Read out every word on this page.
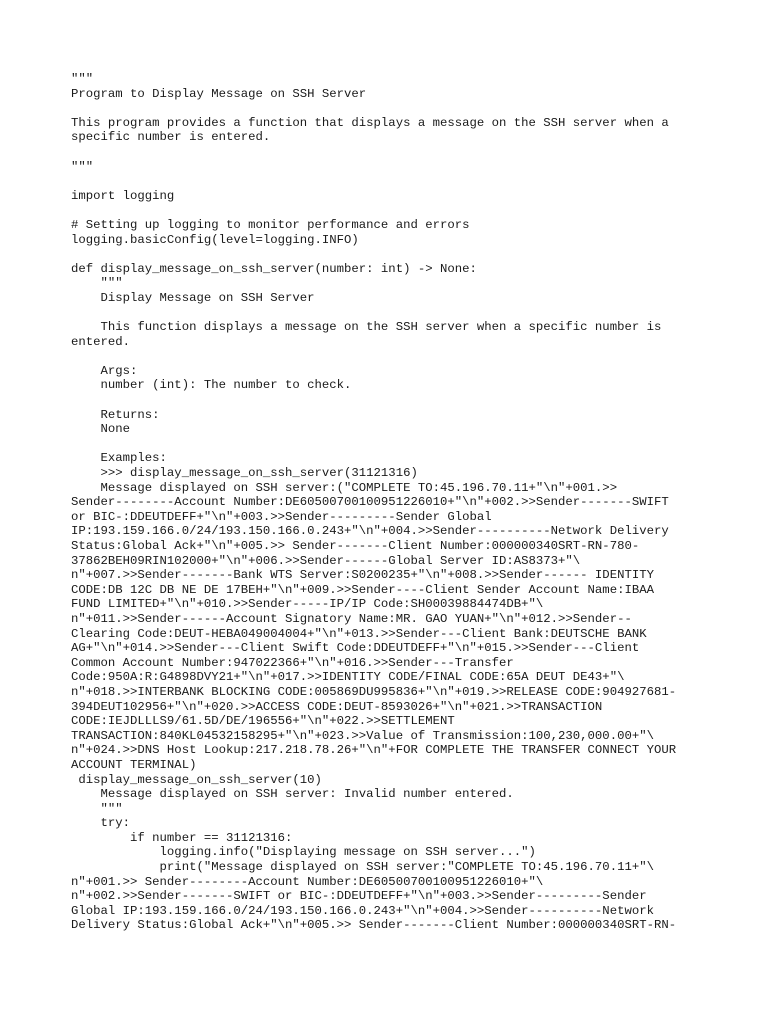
"""
Program to Display Message on SSH Server
This program provides a function that displays a message on the SSH server when a
specific number is entered.
"""
import logging
# Setting up logging to monitor performance and errors
logging.basicConfig(level=logging.INFO)
def display_message_on_ssh_server(number: int) -> None:
"""
Display Message on SSH Server
This function displays a message on the SSH server when a specific number is
entered.
Args:
number (int): The number to check.
Returns:
None
Examples:
>>> display_message_on_ssh_server(31121316)
Message displayed on SSH server:("COMPLETE TO:45.196.70.11+"\n"+001.>>
Sender--------Account Number:DE60500700100951226010+"\n"+002.>>Sender-------SWIFT
or BIC-:DDEUTDEFF+"\n"+003.>>Sender---------Sender Global
IP:193.159.166.0/24/193.150.166.0.243+"\n"+004.>>Sender----------Network Delivery
Status:Global Ack+"\n"+005.>> Sender-------Client Number:000000340SRT-RN-780-
37862BEH09RIN102000+"\n"+006.>>Sender------Global Server ID:AS8373+"\
n"+007.>>Sender-------Bank WTS Server:S0200235+"\n"+008.>>Sender------ IDENTITY
CODE:DB 12C DB NE DE 17BEH+"\n"+009.>>Sender----Client Sender Account Name:IBAA
FUND LIMITED+"\n"+010.>>Sender-----IP/IP Code:SH00039884474DB+"\
n"+011.>>Sender------Account Signatory Name:MR. GAO YUAN+"\n"+012.>>Sender--
Clearing Code:DEUT-HEBA049004004+"\n"+013.>>Sender---Client Bank:DEUTSCHE BANK
AG+"\n"+014.>>Sender---Client Swift Code:DDEUTDEFF+"\n"+015.>>Sender---Client
Common Account Number:947022366+"\n"+016.>>Sender---Transfer
Code:950A:R:G4898DVY21+"\n"+017.>>IDENTITY CODE/FINAL CODE:65A DEUT DE43+"\
n"+018.>>INTERBANK BLOCKING CODE:005869DU995836+"\n"+019.>>RELEASE CODE:904927681-
394DEUT102956+"\n"+020.>>ACCESS CODE:DEUT-8593026+"\n"+021.>>TRANSACTION
CODE:IEJDLLLS9/61.5D/DE/196556+"\n"+022.>>SETTLEMENT
TRANSACTION:840KL04532158295+"\n"+023.>>Value of Transmission:100,230,000.00+"\
n"+024.>>DNS Host Lookup:217.218.78.26+"\n"+FOR COMPLETE THE TRANSFER CONNECT YOUR
ACCOUNT TERMINAL)
display_message_on_ssh_server(10)
Message displayed on SSH server: Invalid number entered.
"""
try:
if number == 31121316:
logging.info("Displaying message on SSH server...")
print("Message displayed on SSH server:"COMPLETE TO:45.196.70.11+"\
n"+001.>> Sender--------Account Number:DE60500700100951226010+"\
n"+002.>>Sender-------SWIFT or BIC-:DDEUTDEFF+"\n"+003.>>Sender---------Sender
Global IP:193.159.166.0/24/193.150.166.0.243+"\n"+004.>>Sender----------Network
Delivery Status:Global Ack+"\n"+005.>> Sender-------Client Number:000000340SRT-RN-
